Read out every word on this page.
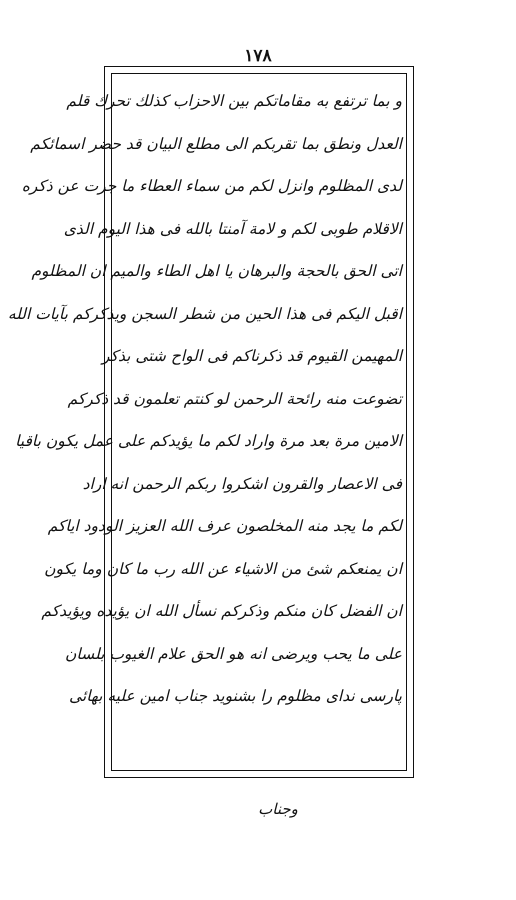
۱۷۸
و بما ترتفع به مقاماتكم بين الاحزاب كذلك تحرك قلم
العدل ونطق بما تقربكم الى مطلع البيان قد حضر اسمائكم
لدى المظلوم وانزل لكم من سماء العطاء ما جرت عن ذكره
الاقلام طوبى لكم و لامة آمنتا بالله فى هذا اليوم الذى
اتى الحق بالحجة والبرهان يا اهل الطاء والميم ان المظلوم
اقبل اليكم فى هذا الحين من شطر السجن ويذكركم بآيات الله
المهيمن القيوم قد ذكرناكم فى الواح شتى بذكر
تضوعت منه رائحة الرحمن لو كنتم تعلمون قد ذكركم
الامين مرة بعد مرة واراد لكم ما يؤيدكم على عمل يكون باقيا
فى الاعصار والقرون اشكروا ربكم الرحمن انه اراد
لكم ما يجد منه المخلصون عرف الله العزيز الودود اياكم
ان يمنعكم شئ من الاشياء عن الله رب ما كان وما يكون
ان الفضل كان منكم وذكركم نسأل الله ان يؤيده ويؤيدكم
على ما يحب ويرضى انه هو الحق علام الغيوب بلسان
پارسى نداى مظلوم را بشنويد جناب امين عليه بهائى
وجناب
